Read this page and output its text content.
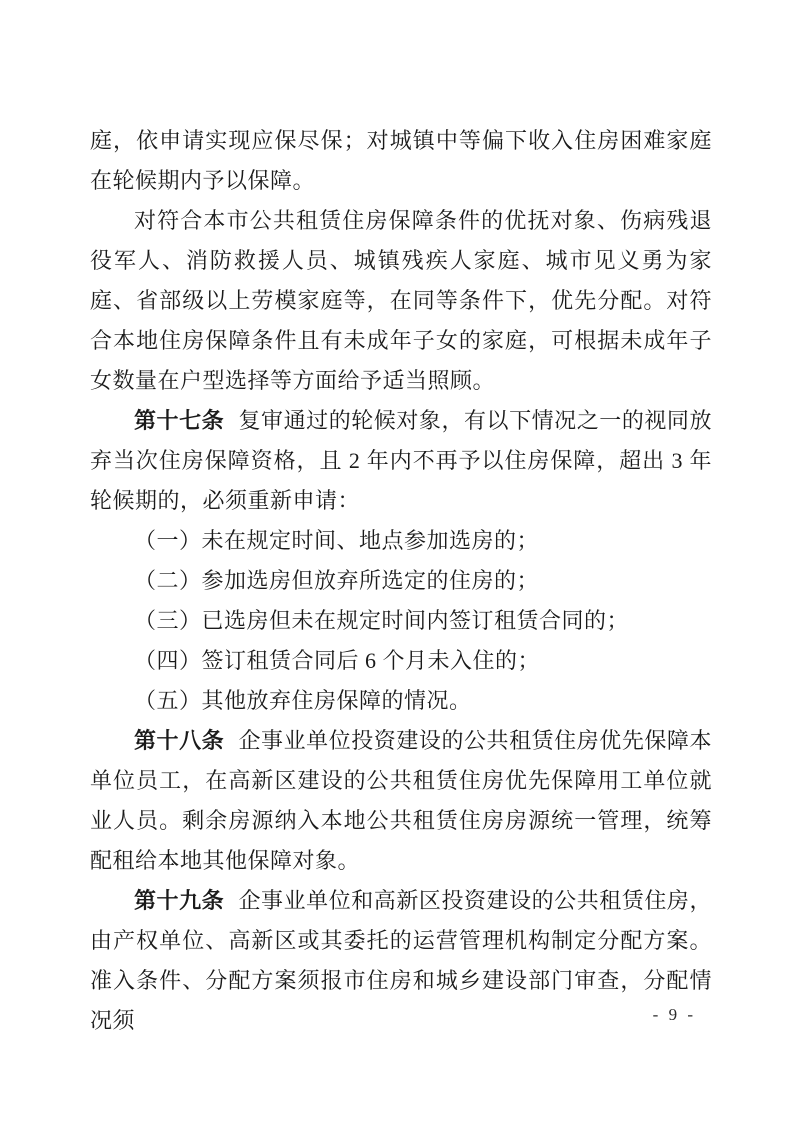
庭，依申请实现应保尽保；对城镇中等偏下收入住房困难家庭在轮候期内予以保障。

对符合本市公共租赁住房保障条件的优抚对象、伤病残退役军人、消防救援人员、城镇残疾人家庭、城市见义勇为家庭、省部级以上劳模家庭等，在同等条件下，优先分配。对符合本地住房保障条件且有未成年子女的家庭，可根据未成年子女数量在户型选择等方面给予适当照顾。

第十七条 复审通过的轮候对象，有以下情况之一的视同放弃当次住房保障资格，且 2 年内不再予以住房保障，超出 3 年轮候期的，必须重新申请：

（一）未在规定时间、地点参加选房的；

（二）参加选房但放弃所选定的住房的；

（三）已选房但未在规定时间内签订租赁合同的；

（四）签订租赁合同后 6 个月未入住的；

（五）其他放弃住房保障的情况。

第十八条 企事业单位投资建设的公共租赁住房优先保障本单位员工，在高新区建设的公共租赁住房优先保障用工单位就业人员。剩余房源纳入本地公共租赁住房房源统一管理，统筹配租给本地其他保障对象。

第十九条 企事业单位和高新区投资建设的公共租赁住房，由产权单位、高新区或其委托的运营管理机构制定分配方案。准入条件、分配方案须报市住房和城乡建设部门审查，分配情况须	- 9 -
